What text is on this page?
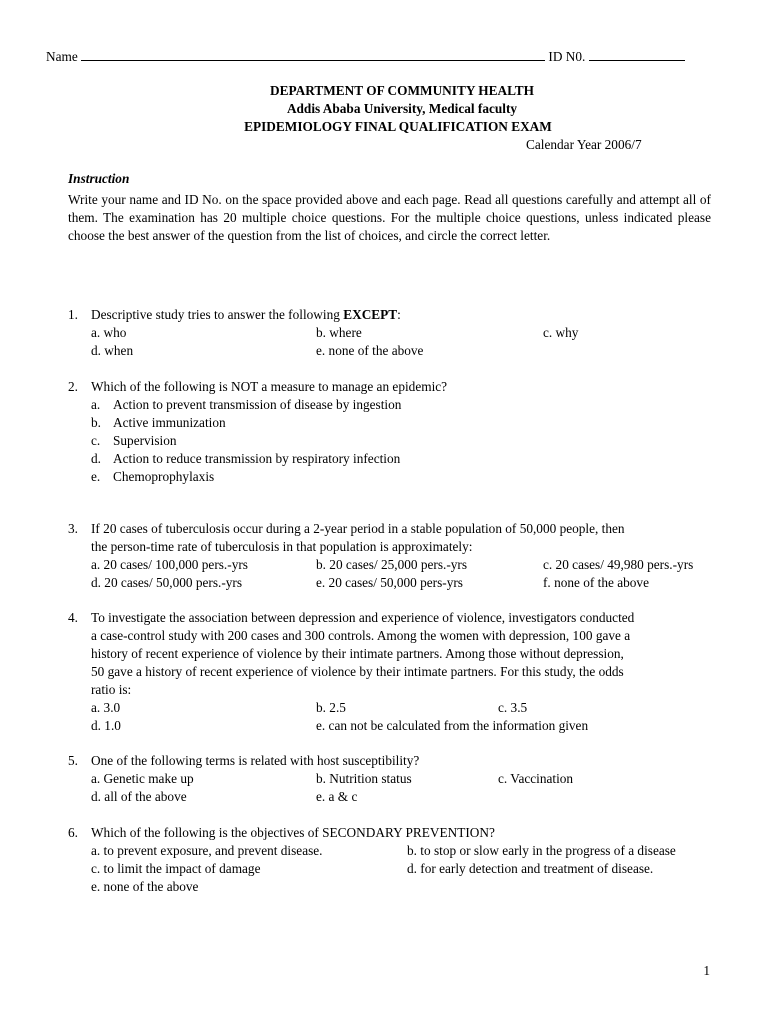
Name	ID N0.
DEPARTMENT OF COMMUNITY HEALTH
Addis Ababa University, Medical faculty
EPIDEMIOLOGY FINAL QUALIFICATION EXAM
Calendar Year 2006/7
Instruction
Write your name and ID No. on the space provided above and each page. Read all questions carefully and attempt all of them. The examination has 20 multiple choice questions. For the multiple choice questions, unless indicated please choose the best answer of the question from the list of choices, and circle the correct letter.
1. Descriptive study tries to answer the following EXCEPT:
a. who	b. where	c. why
d. when	e. none of the above
2. Which of the following is NOT a measure to manage an epidemic?
a. Action to prevent transmission of disease by ingestion
b. Active immunization
c. Supervision
d. Action to reduce transmission by respiratory infection
e. Chemoprophylaxis
3. If 20 cases of tuberculosis occur during a 2-year period in a stable population of 50,000 people, then
the person-time rate of tuberculosis in that population is approximately:
a. 20 cases/ 100,000 pers.-yrs	b. 20 cases/ 25,000 pers.-yrs	c. 20 cases/ 49,980 pers.-yrs
d. 20 cases/ 50,000 pers.-yrs	e. 20 cases/ 50,000 pers-yrs	f. none of the above
4. To investigate the association between depression and experience of violence, investigators conducted
a case-control study with 200 cases and 300 controls. Among the women with depression, 100 gave a
history of recent experience of violence by their intimate partners. Among those without depression,
50 gave a history of recent experience of violence by their intimate partners. For this study, the odds
ratio is:
a. 3.0	b. 2.5	c. 3.5
d. 1.0	e. can not be calculated from the information given
5. One of the following terms is related with host susceptibility?
a. Genetic make up	b. Nutrition status	c. Vaccination
d. all of the above	e. a & c
6. Which of the following is the objectives of SECONDARY PREVENTION?
a. to prevent exposure, and prevent disease.	b. to stop or slow early in the progress of a disease
c. to limit the impact of damage	d. for early detection and treatment of disease.
e. none of the above
1
